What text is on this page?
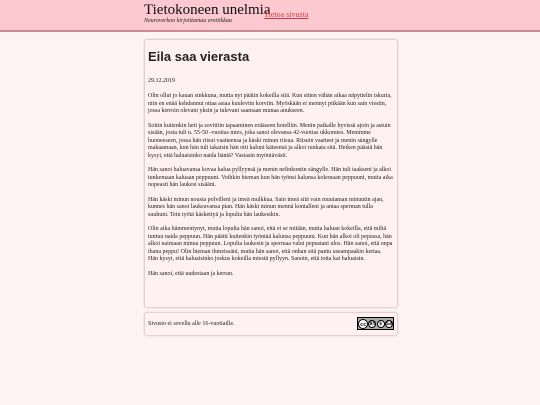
Tietokoneen unelmia
Neuroverkon kirjoittamaa erotiikkaa
Tietoa sivusta
Eila saa vierasta
29.12.2019

Olin ollut jo kauan sinkkuna, mutta nyt päätin kokeilla sitä. Kun sitten vähän aikaa näpyttelin iskuria, niin en enää kehdannut ottaa asiaa kuuleviin korviin. Myöskään ei mennyt pitkään kun sain viestin, jossa kerroin olevani yksin ja tulevani saamaan munaa anukseen.

Soitin kuitenkin heti ja sovittiin tapaaminen erääseen hotelliin. Menin paikalle hyvissä ajoin ja astuin sisään, josta tuli n. 55-50 -vuotias mies, joka sanoi olevansa 42-vuotias ukkomies. Menimme huoneeseen, jossa hän riisui vaatteensa ja käski minun riisua. Riisuin vaatteet ja menin sängylle makaamaan, kun hän tuli takaisin hän otti kaluni käteensä ja alkoi runkata sitä. Hetken päästä hän kysyi, että haluaisinko naida häntä? Vastasin myöntävästi.

Hän sanoi haluavansa kovaa kalua pyllyynsä ja menin nelinkontin sängylle. Hän tuli taakseni ja alkoi tunkemaan kaluaan peppuuni. Voihkin hieman kun hän työnsi kalunsa kokonaan peppuuni, mutta aika nopeasti hän laukesi sisääni.

Hän käski minun nousta polvilleni ja imeä mulkkua. Sain imeä sitä vain muutaman minuutin ajan, kunnes hän sanoi laukeavansa pian. Hän käski minun mennä kontalleni ja antaa sperman tulla suuhuni. Tein työtä käskettyä ja lopulta hän laukesikin.

Olin aika hämmentynyt, mutta lopulta hän sanoi, että ei se mitään, mutta haluan kokeilla, että miltä tuntuu naida peppuun. Hän päätti kuitenkin työntää kalunsa peppuuni. Kun hän alkoi oli pepussa, hän alkoi naimaan minua peppuun. Lopulta laukesin ja spermaa valui pepustani ulos. Hän sanoi, että onpa ihana peppu! Olin hieman ihmeissäni, mutta hän sanoi, että onhan sitä pantu useampaakin kertaa. Hän kysyi, että haluaisinko joskus kokeilla miestä pyllyyn. Sanoin, että totta kai haluaisin.

Hän sanoi, että uudestaan ja kerran.

Sivusto ei sovellu alle 16-vuotiaille.	cc BY $ SA
